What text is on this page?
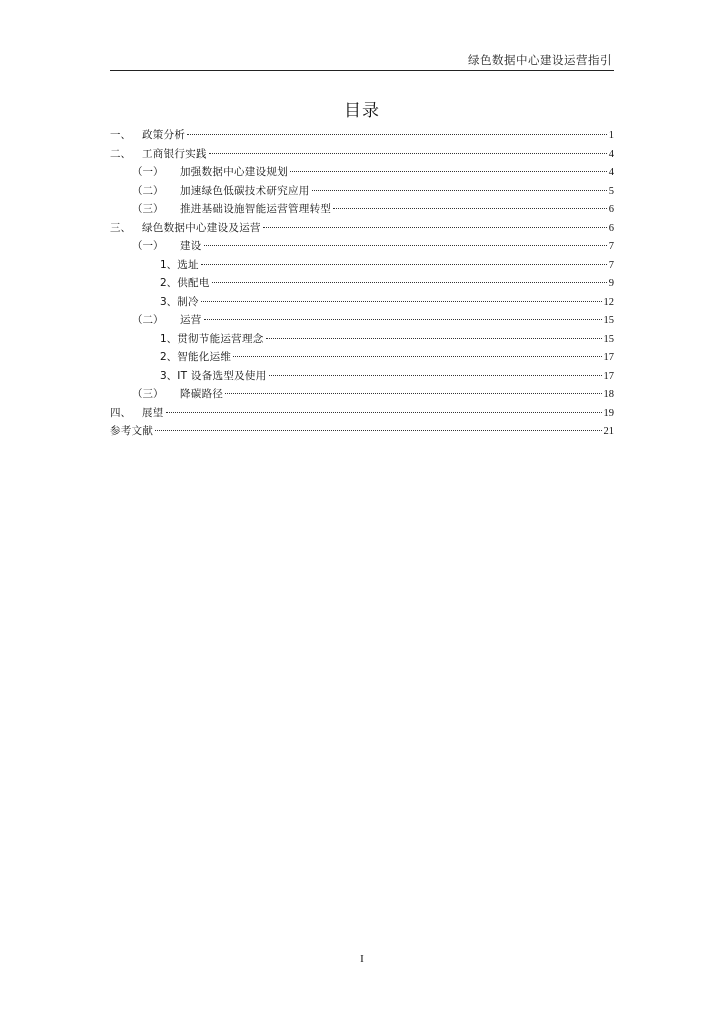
绿色数据中心建设运营指引
目录
一、	政策分析	1
二、	工商银行实践	4
（一）	加强数据中心建设规划	4
（二）	加速绿色低碳技术研究应用	5
（三）	推进基础设施智能运营管理转型	6
三、	绿色数据中心建设及运营	6
（一）	建设	7
1、 选址	7
2、 供配电	9
3、 制冷	12
（二）	运营	15
1、 贯彻节能运营理念	15
2、 智能化运维	17
3、 IT 设备选型及使用	17
（三）	降碳路径	18
四、	展望	19
参考文献	21
I
